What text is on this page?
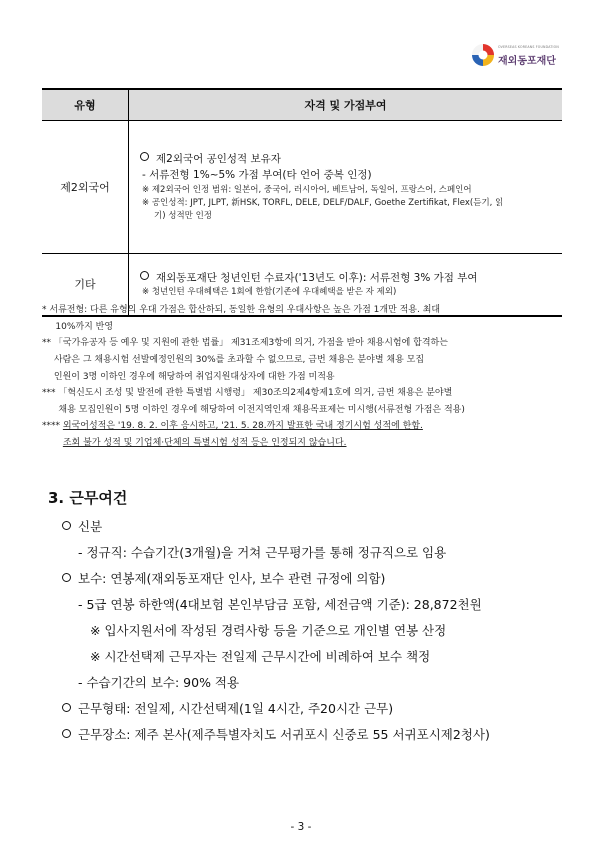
OVERSEAS KOREANS FOUNDATION
재외동포재단
유형	자격 및 가점부여
제2외국어	제2외국어 공인성적 보유자
- 서류전형 1%~5% 가점 부여(타 언어 중복 인정)
※ 제2외국어 인정 범위: 일본어, 중국어, 러시아어, 베트남어, 독일어, 프랑스어, 스페인어
※ 공인성적: JPT, JLPT, 新HSK, TORFL, DELE, DELF/DALF, Goethe Zertifikat, Flex(듣기, 읽
기) 성적만 인정

기타	재외동포재단 청년인턴 수료자('13년도 이후): 서류전형 3% 가점 부여
※ 청년인턴 우대혜택은 1회에 한함(기존에 우대혜택을 받은 자 제외)
* 서류전형: 다른 유형의 우대 가점은 합산하되, 동일한 유형의 우대사항은 높은 가점 1개만 적용. 최대
10%까지 반영
** 「국가유공자 등 예우 및 지원에 관한 법률」 제31조제3항에 의거, 가점을 받아 채용시험에 합격하는
사람은 그 채용시험 선발예정인원의 30%를 초과할 수 없으므로, 금번 채용은 분야별 채용 모집
인원이 3명 이하인 경우에 해당하여 취업지원대상자에 대한 가점 미적용
*** 「혁신도시 조성 및 발전에 관한 특별법 시행령」 제30조의2제4항제1호에 의거, 금번 채용은 분야별
채용 모집인원이 5명 이하인 경우에 해당하여 이전지역인재 채용목표제는 미시행(서류전형 가점은 적용)
**** 외국어성적은 '19. 8. 2. 이후 응시하고, '21. 5. 28.까지 발표한 국내 정기시험 성적에 한함.
조회 불가 성적 및 기업체·단체의 특별시험 성적 등은 인정되지 않습니다.
3. 근무여건
신분
- 정규직: 수습기간(3개월)을 거쳐 근무평가를 통해 정규직으로 임용
보수: 연봉제(재외동포재단 인사, 보수 관련 규정에 의함)
- 5급 연봉 하한액(4대보험 본인부담금 포함, 세전금액 기준): 28,872천원
※ 입사지원서에 작성된 경력사항 등을 기준으로 개인별 연봉 산정
※ 시간선택제 근무자는 전일제 근무시간에 비례하여 보수 책정
- 수습기간의 보수: 90% 적용
근무형태: 전일제, 시간선택제(1일 4시간, 주20시간 근무)
근무장소: 제주 본사(제주특별자치도 서귀포시 신중로 55 서귀포시제2청사)
- 3 -
